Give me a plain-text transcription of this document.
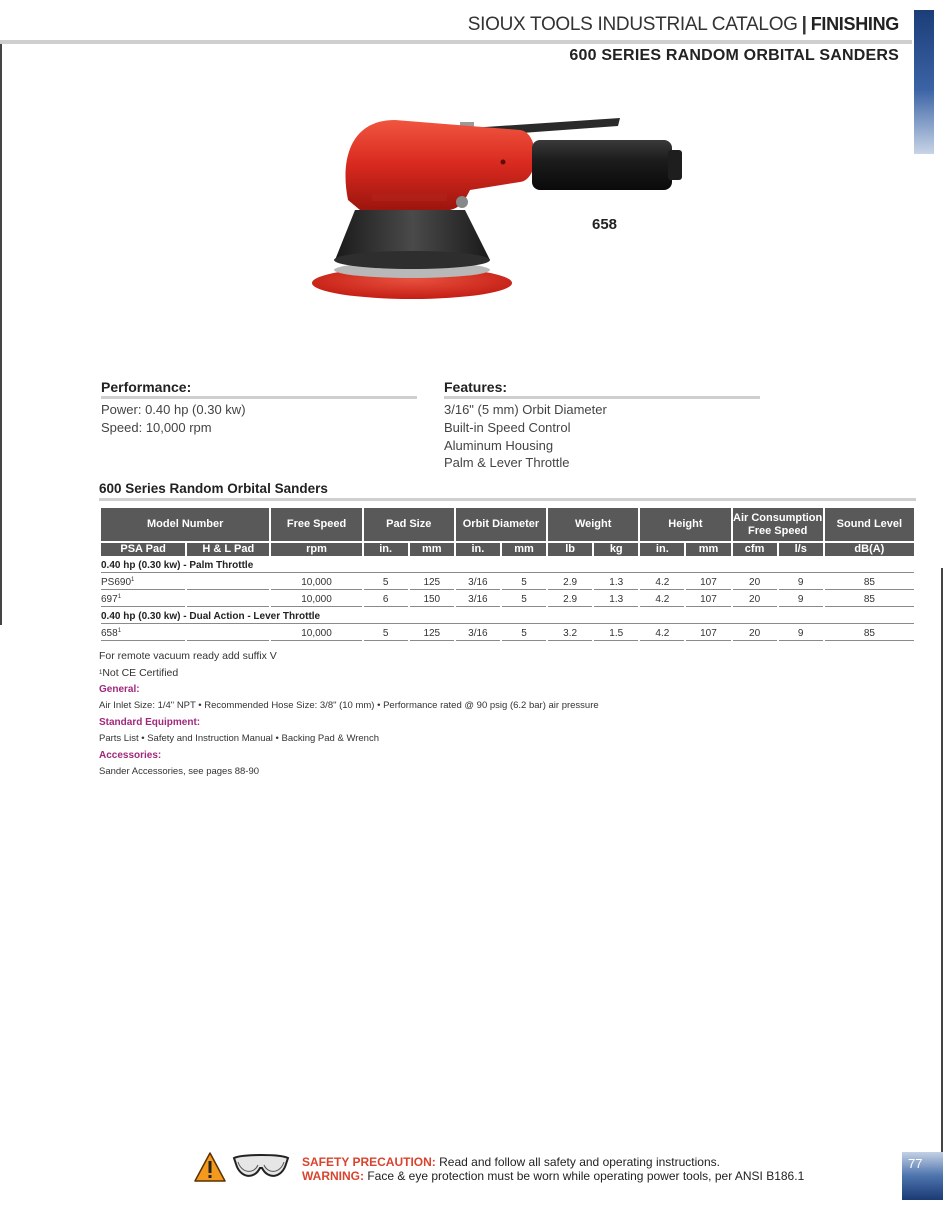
SIOUX TOOLS INDUSTRIAL CATALOG | FINISHING
600 SERIES RANDOM ORBITAL SANDERS
658
Performance:
Power: 0.40 hp (0.30 kw)
Speed: 10,000 rpm
Features:
3/16" (5 mm) Orbit Diameter
Built-in Speed Control
Aluminum Housing
Palm & Lever Throttle
600 Series Random Orbital Sanders
Model Number		Free Speed	Pad Size		Orbit Diameter		Weight		Height		Air Consumption Free Speed		Sound Level
PSA Pad	H & L Pad	rpm	in.	mm	in.	mm	lb	kg	in.	mm	cfm	l/s	dB(A)
0.40 hp (0.30 kw) - Palm Throttle													
$PS690^1$		10,000	5	125	3/16	5	2.9	1.3	4.2	107	20	9	85
$697^1$		10,000	6	150	3/16	5	2.9	1.3	4.2	107	20	9	85
0.40 hp (0.30 kw) - Dual Action - Lever Throttle													
$658^1$		10,000	5	125	3/16	5	3.2	1.5	4.2	107	20	9	85
For remote vacuum ready add suffix V
$^1$Not CE Certified
General:
Air Inlet Size: 1/4" NPT • Recommended Hose Size: 3/8" (10 mm) • Performance rated @ 90 psig (6.2 bar) air pressure
Standard Equipment:
Parts List • Safety and Instruction Manual • Backing Pad & Wrench
Accessories:
Sander Accessories, see pages 88-90
SAFETY PRECAUTION: Read and follow all safety and operating instructions.
WARNING: Face & eye protection must be worn while operating power tools, per ANSI B186.1
77
